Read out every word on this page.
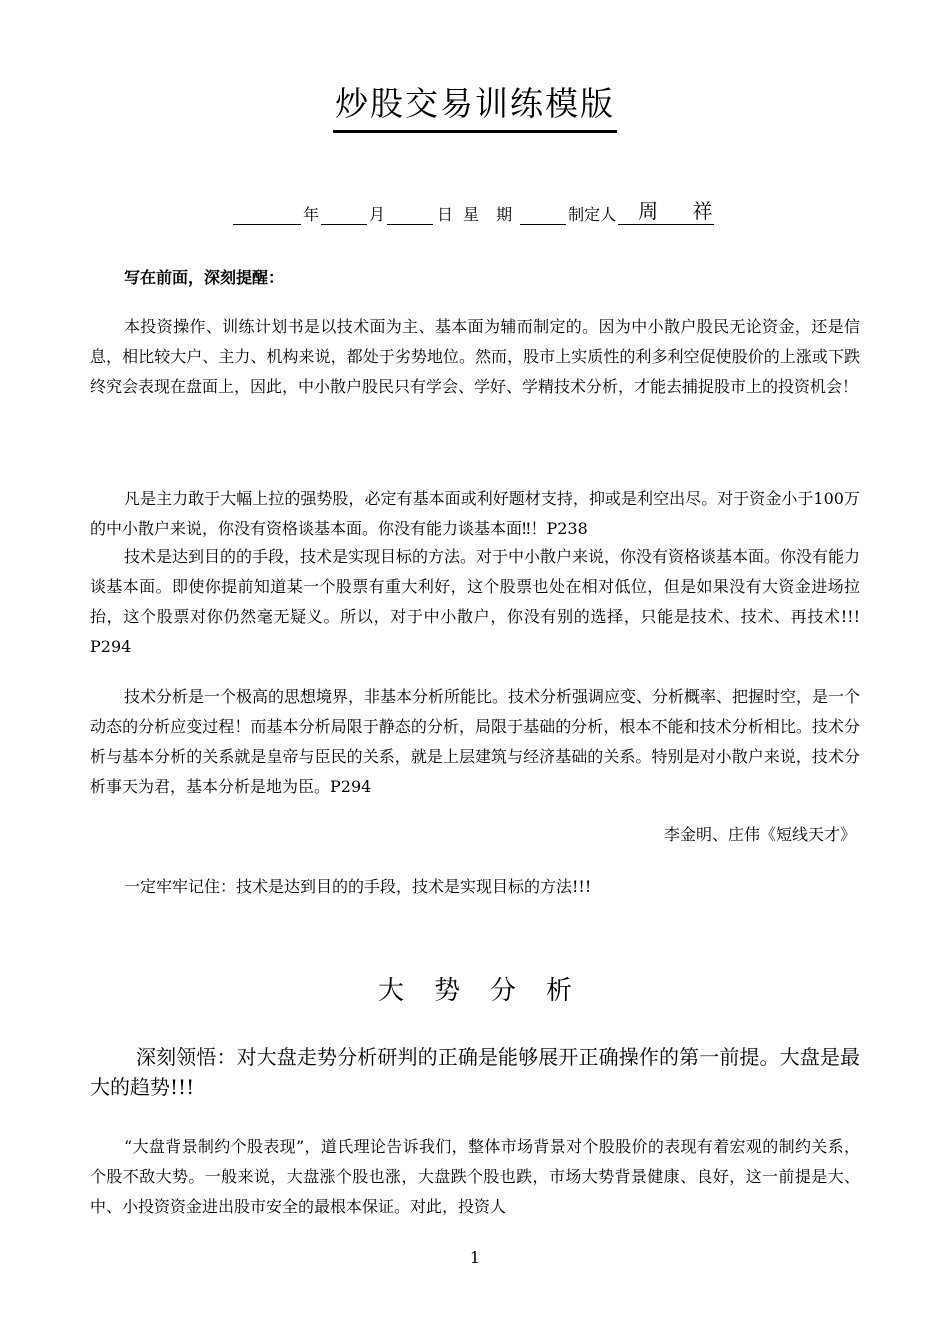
炒股交易训练模版
年	月	日 星 期	制定人 周 祥
写在前面，深刻提醒：

本投资操作、训练计划书是以技术面为主、基本面为辅而制定的。因为中小散户股民无论资金，还是信息，相比较大户、主力、机构来说，都处于劣势地位。然而，股市上实质性的利多利空促使股价的上涨或下跌终究会表现在盘面上，因此，中小散户股民只有学会、学好、学精技术分析，才能去捕捉股市上的投资机会！

凡是主力敢于大幅上拉的强势股，必定有基本面或利好题材支持，抑或是利空出尽。对于资金小于100万的中小散户来说，你没有资格谈基本面。你没有能力谈基本面‼！P238

技术是达到目的的手段，技术是实现目标的方法。对于中小散户来说，你没有资格谈基本面。你没有能力谈基本面。即使你提前知道某一个股票有重大利好，这个股票也处在相对低位，但是如果没有大资金进场拉抬，这个股票对你仍然毫无疑义。所以，对于中小散户，你没有别的选择，只能是技术、技术、再技术!!! P294

技术分析是一个极高的思想境界，非基本分析所能比。技术分析强调应变、分析概率、把握时空，是一个动态的分析应变过程！而基本分析局限于静态的分析，局限于基础的分析，根本不能和技术分析相比。技术分析与基本分析的关系就是皇帝与臣民的关系，就是上层建筑与经济基础的关系。特别是对小散户来说，技术分析事天为君，基本分析是地为臣。P294

李金明、庄伟《短线天才》
一定牢牢记住：技术是达到目的的手段，技术是实现目标的方法!!!
大势分析

深刻领悟：对大盘走势分析研判的正确是能够展开正确操作的第一前提。大盘是最大的趋势!!!

“大盘背景制约个股表现”，道氏理论告诉我们，整体市场背景对个股股价的表现有着宏观的制约关系，个股不敌大势。一般来说，大盘涨个股也涨，大盘跌个股也跌，市场大势背景健康、良好，这一前提是大、中、小投资资金进出股市安全的最根本保证。对此，投资人

1
